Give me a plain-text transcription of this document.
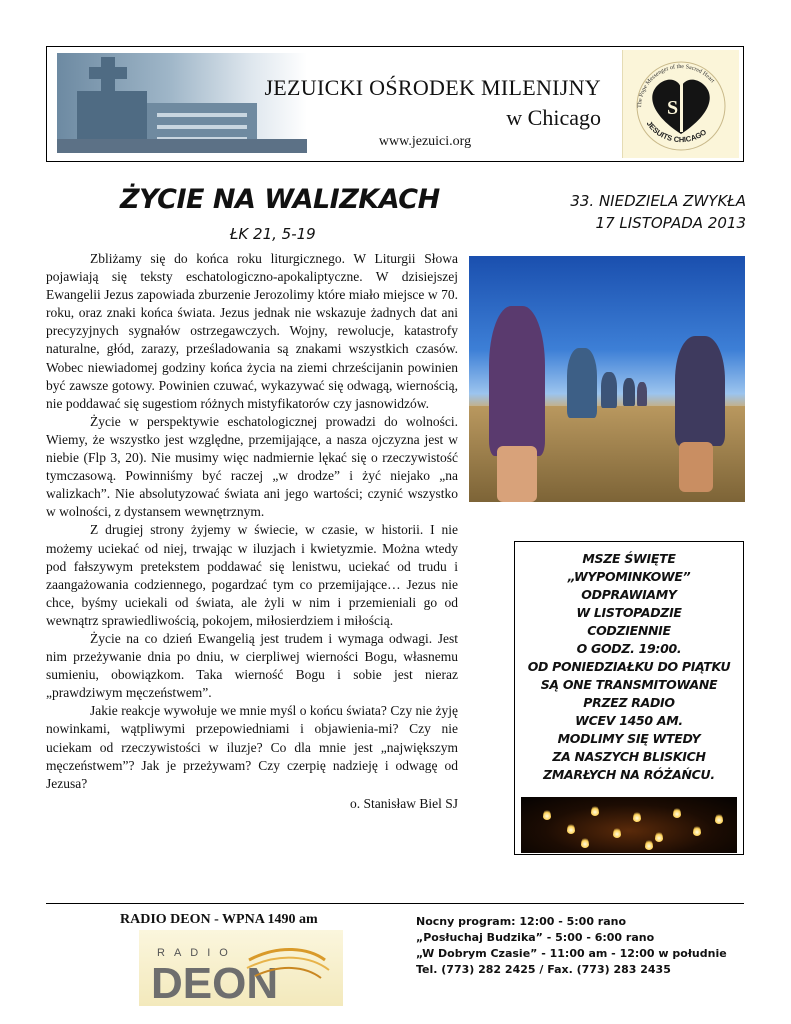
JEZUICKI OŚRODEK MILENIJNY
w Chicago
www.jezuici.org
The Pope Messenger of the Sacred Heart
S
JESUITS CHICAGO
ŻYCIE NA WALIZKACH
ŁK 21, 5-19
33. NIEDZIELA ZWYKŁA
17 LISTOPADA 2013

Zbliżamy się do końca roku liturgicznego. W Liturgii Słowa pojawiają się teksty eschatologiczno-apokaliptyczne. W dzisiejszej Ewangelii Jezus zapowiada zburzenie Jerozolimy które miało miejsce w 70. roku, oraz znaki końca świata. Jezus jednak nie wskazuje żadnych dat ani precyzyjnych sygnałów ostrzegawczych. Wojny, rewolucje, katastrofy naturalne, głód, zarazy, prześladowania są znakami wszystkich czasów. Wobec niewiadomej godziny końca życia na ziemi chrześcijanin powinien być zawsze gotowy. Powinien czuwać, wykazywać się odwagą, wiernością, nie poddawać się sugestiom różnych mistyfikatorów czy jasnowidzów.

Życie w perspektywie eschatologicznej prowadzi do wolności. Wiemy, że wszystko jest względne, przemijające, a nasza ojczyzna jest w niebie (Flp 3, 20). Nie musimy więc nadmiernie lękać się o rzeczywistość tymczasową. Powinniśmy być raczej „w drodze” i żyć niejako „na walizkach”. Nie absolutyzować świata ani jego wartości; czynić wszystko w wolności, z dystansem wewnętrznym.

Z drugiej strony żyjemy w świecie, w czasie, w historii. I nie możemy uciekać od niej, trwając w iluzjach i kwietyzmie. Można wtedy pod fałszywym pretekstem poddawać się lenistwu, uciekać od trudu i zaangażowania codziennego, pogardzać tym co przemijające… Jezus nie chce, byśmy uciekali od świata, ale żyli w nim i przemieniali go od wewnątrz sprawiedliwością, pokojem, miłosierdziem i miłością.

Życie na co dzień Ewangelią jest trudem i wymaga odwagi. Jest nim przeżywanie dnia po dniu, w cierpliwej wierności Bogu, własnemu sumieniu, obowiązkom. Taka wierność Bogu i sobie jest nieraz „prawdziwym męczeństwem”.

Jakie reakcje wywołuje we mnie myśl o końcu świata? Czy nie żyję nowinkami, wątpliwymi przepowiedniami i objawienia-mi? Czy nie uciekam od rzeczywistości w iluzje? Co dla mnie jest „największym męczeństwem”? Jak je przeżywam? Czy czerpię nadzieję i odwagę od Jezusa?

o. Stanisław Biel SJ

MSZE ŚWIĘTE
„WYPOMINKOWE”
ODPRAWIAMY
W LISTOPADZIE
CODZIENNIE
O GODZ. 19:00.
OD PONIEDZIAŁKU DO PIĄTKU
SĄ ONE TRANSMITOWANE
PRZEZ RADIO
WCEV 1450 AM.
MODLIMY SIĘ WTEDY
ZA NASZYCH BLISKICH
ZMARŁYCH NA RÓŻAŃCU.
RADIO DEON - WPNA 1490 am
RADIO
DEON
Nocny program: 12:00 - 5:00 rano
„Posłuchaj Budzika” - 5:00 - 6:00 rano
„W Dobrym Czasie” - 11:00 am - 12:00 w południe
Tel. (773) 282 2425 / Fax. (773) 283 2435
